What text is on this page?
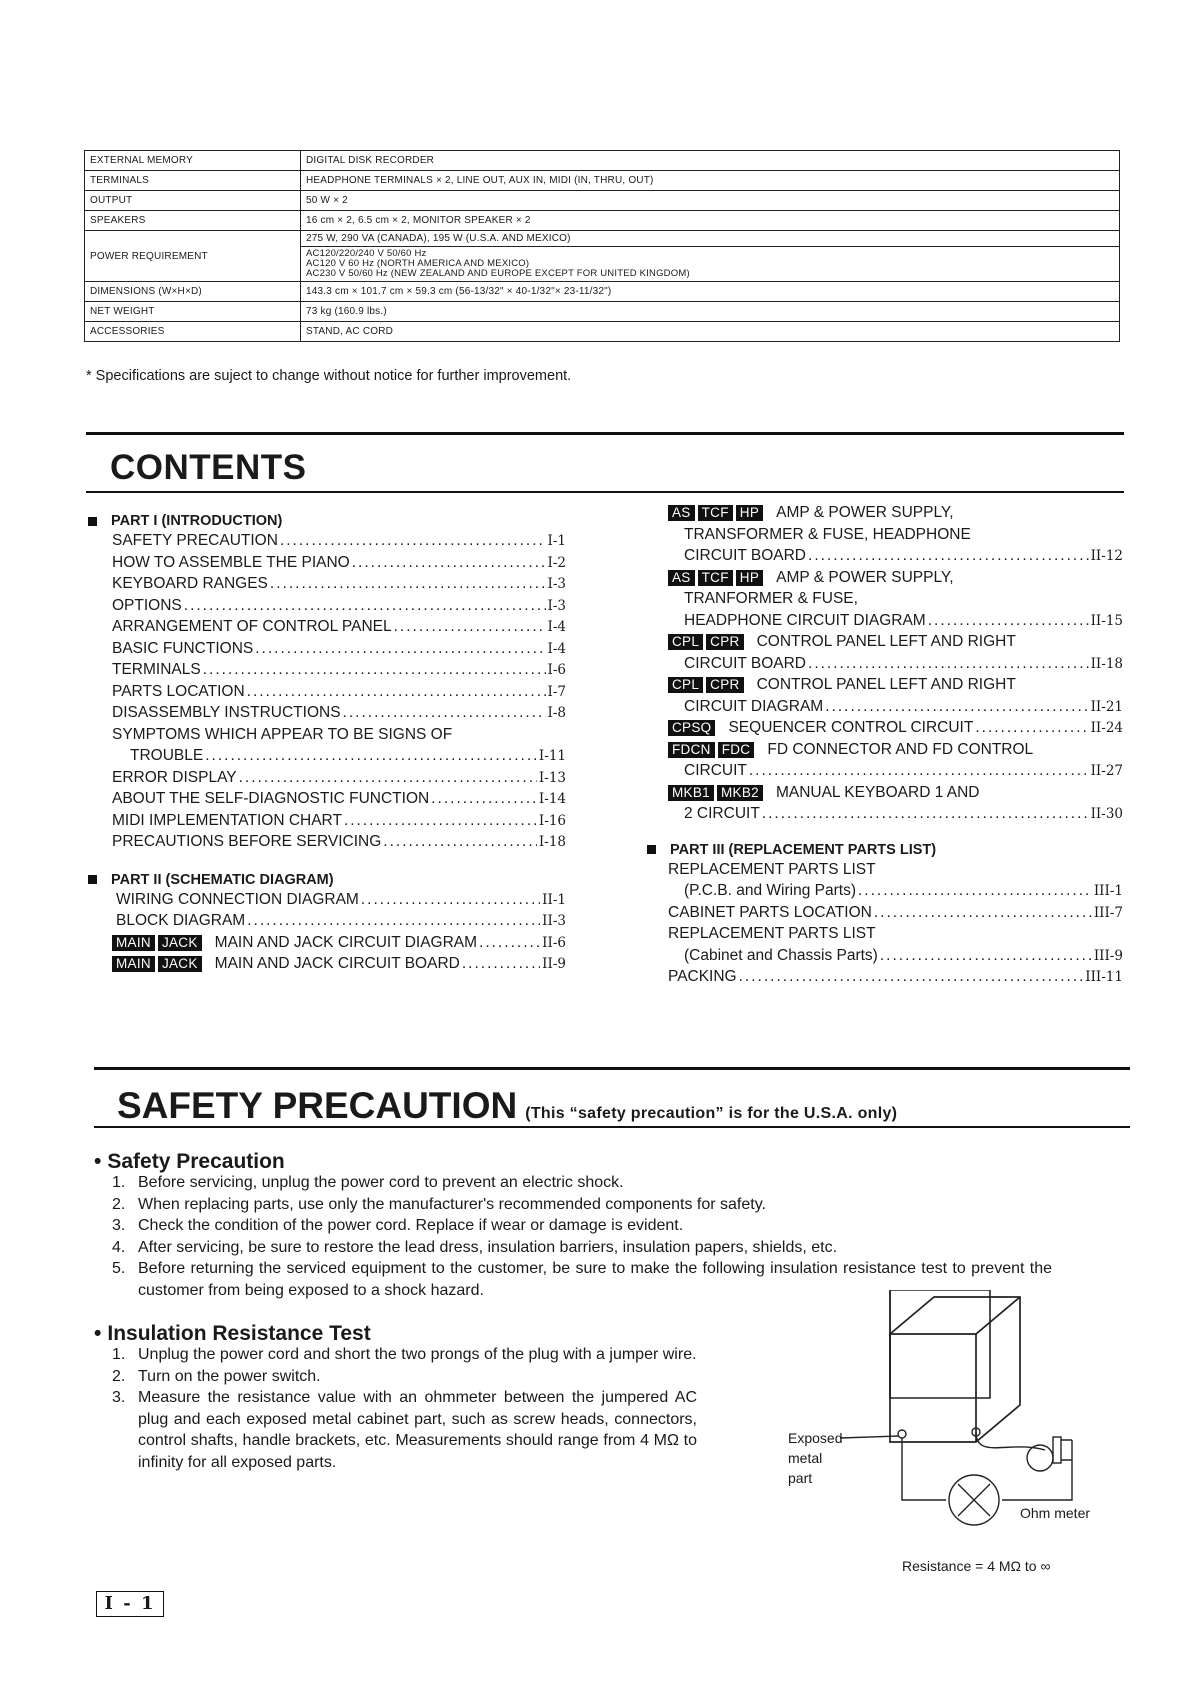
EXTERNAL MEMORY	DIGITAL DISK RECORDER
TERMINALS	HEADPHONE TERMINALS × 2, LINE OUT, AUX IN, MIDI (IN, THRU, OUT)
OUTPUT	50 W × 2
SPEAKERS	16 cm × 2, 6.5 cm × 2, MONITOR SPEAKER × 2
POWER REQUIREMENT	275 W, 290 VA (CANADA), 195 W (U.S.A. AND MEXICO)

	AC120/220/240 V 50/60 Hz
AC120 V 60 Hz (NORTH AMERICA AND MEXICO)
AC230 V 50/60 Hz (NEW ZEALAND AND EUROPE EXCEPT FOR UNITED KINGDOM)

DIMENSIONS (W×H×D)	143.3 cm × 101.7 cm × 59.3 cm (56-13/32" × 40-1/32"× 23-11/32")
NET WEIGHT	73 kg (160.9 lbs.)
ACCESSORIES	STAND, AC CORD
* Specifications are suject to change without notice for further improvement.
CONTENTS
PART I (INTRODUCTION)
SAFETY PRECAUTION .....	I-1
HOW TO ASSEMBLE THE PIANO .....	I-2
KEYBOARD RANGES .....	I-3
OPTIONS .....	I-3
ARRANGEMENT OF CONTROL PANEL .....	I-4
BASIC FUNCTIONS .....	I-4
TERMINALS .....	I-6
PARTS LOCATION .....	I-7
DISASSEMBLY INSTRUCTIONS .....	I-8
SYMPTOMS WHICH APPEAR TO BE SIGNS OF
TROUBLE .....	I-11
ERROR DISPLAY .....	I-13
ABOUT THE SELF-DIAGNOSTIC FUNCTION .....	I-14
MIDI IMPLEMENTATION CHART .....	I-16
PRECAUTIONS BEFORE SERVICING .....	I-18
PART II (SCHEMATIC DIAGRAM)
WIRING CONNECTION DIAGRAM .....	II-1
BLOCK DIAGRAM .....	II-3
MAIN JACK	MAIN AND JACK CIRCUIT DIAGRAM .....	II-6
MAIN JACK	MAIN AND JACK CIRCUIT BOARD .....	II-9
AS TCF HP	AMP & POWER SUPPLY,
TRANSFORMER & FUSE, HEADPHONE
CIRCUIT BOARD .....	II-12
AS TCF HP	AMP & POWER SUPPLY,
TRANFORMER & FUSE,
HEADPHONE CIRCUIT DIAGRAM .....	II-15
CPL CPR	CONTROL PANEL LEFT AND RIGHT
CIRCUIT BOARD .....	II-18
CPL CPR	CONTROL PANEL LEFT AND RIGHT
CIRCUIT DIAGRAM .....	II-21
CPSQ	SEQUENCER CONTROL CIRCUIT .....	II-24
FDCN FDC	FD CONNECTOR AND FD CONTROL
CIRCUIT .....	II-27
MKB1 MKB2	MANUAL KEYBOARD 1 AND
2 CIRCUIT .....	II-30
PART III (REPLACEMENT PARTS LIST)
REPLACEMENT PARTS LIST
(P.C.B. and Wiring Parts) .....	III-1
CABINET PARTS LOCATION .....	III-7
REPLACEMENT PARTS LIST
(Cabinet and Chassis Parts) .....	III-9
PACKING .....	III-11
SAFETY PRECAUTION (This “safety precaution” is for the U.S.A. only)
• Safety Precaution
1. Before servicing, unplug the power cord to prevent an electric shock.
2. When replacing parts, use only the manufacturer's recommended components for safety.
3. Check the condition of the power cord. Replace if wear or damage is evident.
4. After servicing, be sure to restore the lead dress, insulation barriers, insulation papers, shields, etc.
5. Before returning the serviced equipment to the customer, be sure to make the following insulation resistance test to prevent the customer from being exposed to a shock hazard.
• Insulation Resistance Test
1. Unplug the power cord and short the two prongs of the plug with a jumper wire.
2. Turn on the power switch.
3. Measure the resistance value with an ohmmeter between the jumpered AC plug and each exposed metal cabinet part, such as screw heads, connectors, control shafts, handle brackets, etc. Measurements should range from 4 MΩ to infinity for all exposed parts.
Exposed
metal
part
Ohm meter
Resistance = 4 MΩ to ∞
I - 1
